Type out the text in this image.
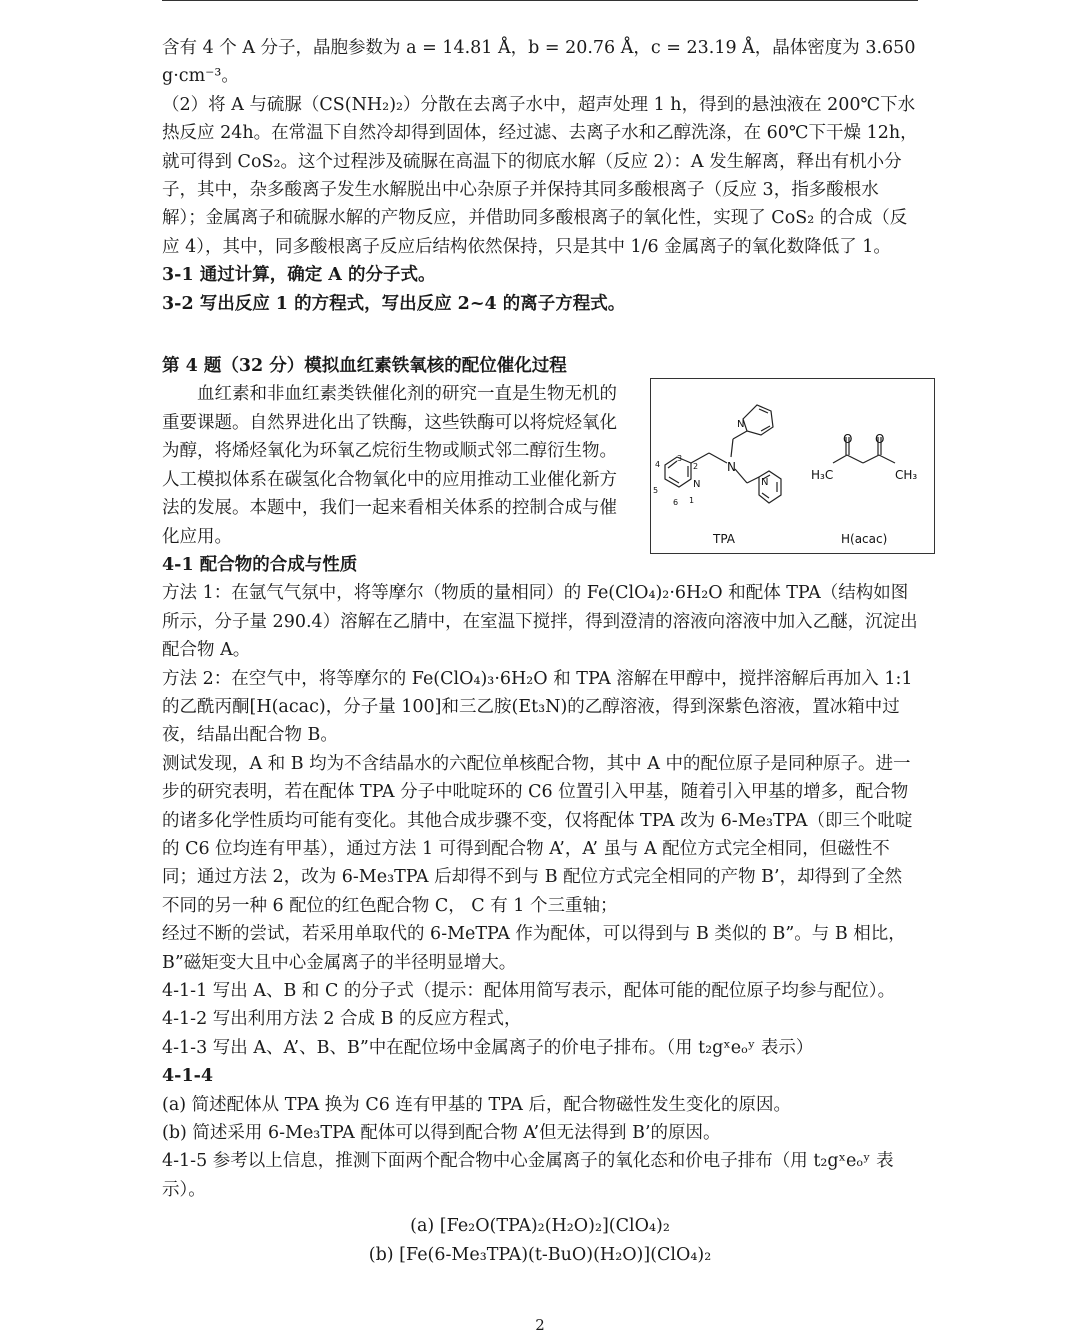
含有 4 个 A 分子，晶胞参数为 a = 14.81 Å，b = 20.76 Å，c = 23.19 Å，晶体密度为 3.650 g·cm⁻³。

（2）将 A 与硫脲（CS(NH₂)₂）分散在去离子水中，超声处理 1 h，得到的悬浊液在 200℃下水热反应 24h。在常温下自然冷却得到固体，经过滤、去离子水和乙醇洗涤，在 60℃下干燥 12h，就可得到 CoS₂。这个过程涉及硫脲在高温下的彻底水解（反应 2）：A 发生解离，释出有机小分子，其中，杂多酸离子发生水解脱出中心杂原子并保持其同多酸根离子（反应 3，指多酸根水解）；金属离子和硫脲水解的产物反应，并借助同多酸根离子的氧化性，实现了 CoS₂ 的合成（反应 4），其中，同多酸根离子反应后结构依然保持，只是其中 1/6 金属离子的氧化数降低了 1。

3-1 通过计算，确定 A 的分子式。

3-2 写出反应 1 的方程式，写出反应 2~4 的离子方程式。

第 4 题（32 分）模拟血红素铁氧核的配位催化过程

血红素和非血红素类铁催化剂的研究一直是生物无机的重要课题。自然界进化出了铁酶，这些铁酶可以将烷烃氧化为醇，将烯烃氧化为环氧乙烷衍生物或顺式邻二醇衍生物。人工模拟体系在碳氢化合物氧化中的应用推动工业催化新方法的发展。本题中，我们一起来看相关体系的控制合成与催化应用。

N
N
N
N
4
3
2
5
6 1
O O
H₃C	CH₃
TPA	H(acac)

4-1 配合物的合成与性质

方法 1：在氩气气氛中，将等摩尔（物质的量相同）的 Fe(ClO₄)₂·6H₂O 和配体 TPA（结构如图所示，分子量 290.4）溶解在乙腈中，在室温下搅拌，得到澄清的溶液向溶液中加入乙醚，沉淀出配合物 A。

方法 2：在空气中，将等摩尔的 Fe(ClO₄)₃·6H₂O 和 TPA 溶解在甲醇中，搅拌溶解后再加入 1:1 的乙酰丙酮[H(acac)，分子量 100]和三乙胺(Et₃N)的乙醇溶液，得到深紫色溶液，置冰箱中过夜，结晶出配合物 B。

测试发现，A 和 B 均为不含结晶水的六配位单核配合物，其中 A 中的配位原子是同种原子。进一步的研究表明，若在配体 TPA 分子中吡啶环的 C6 位置引入甲基，随着引入甲基的增多，配合物的诸多化学性质均可能有变化。其他合成步骤不变，仅将配体 TPA 改为 6-Me₃TPA（即三个吡啶的 C6 位均连有甲基），通过方法 1 可得到配合物 A’，A’ 虽与 A 配位方式完全相同，但磁性不同；通过方法 2，改为 6-Me₃TPA 后却得不到与 B 配位方式完全相同的产物 B’，却得到了全然不同的另一种 6 配位的红色配合物 C， C 有 1 个三重轴；

经过不断的尝试，若采用单取代的 6-MeTPA 作为配体，可以得到与 B 类似的 B”。与 B 相比，B”磁矩变大且中心金属离子的半径明显增大。

4-1-1 写出 A、B 和 C 的分子式（提示：配体用简写表示，配体可能的配位原子均参与配位）。

4-1-2 写出利用方法 2 合成 B 的反应方程式，

4-1-3 写出 A、A’、B、B”中在配位场中金属离子的价电子排布。（用 t₂gˣeₒʸ 表示）

4-1-4

(a) 简述配体从 TPA 换为 C6 连有甲基的 TPA 后，配合物磁性发生变化的原因。

(b) 简述采用 6-Me₃TPA 配体可以得到配合物 A’但无法得到 B’的原因。

4-1-5 参考以上信息，推测下面两个配合物中心金属离子的氧化态和价电子排布（用 t₂gˣeₒʸ 表示）。

(a) [Fe₂O(TPA)₂(H₂O)₂](ClO₄)₂

(b) [Fe(6-Me₃TPA)(t-BuO)(H₂O)](ClO₄)₂

2
